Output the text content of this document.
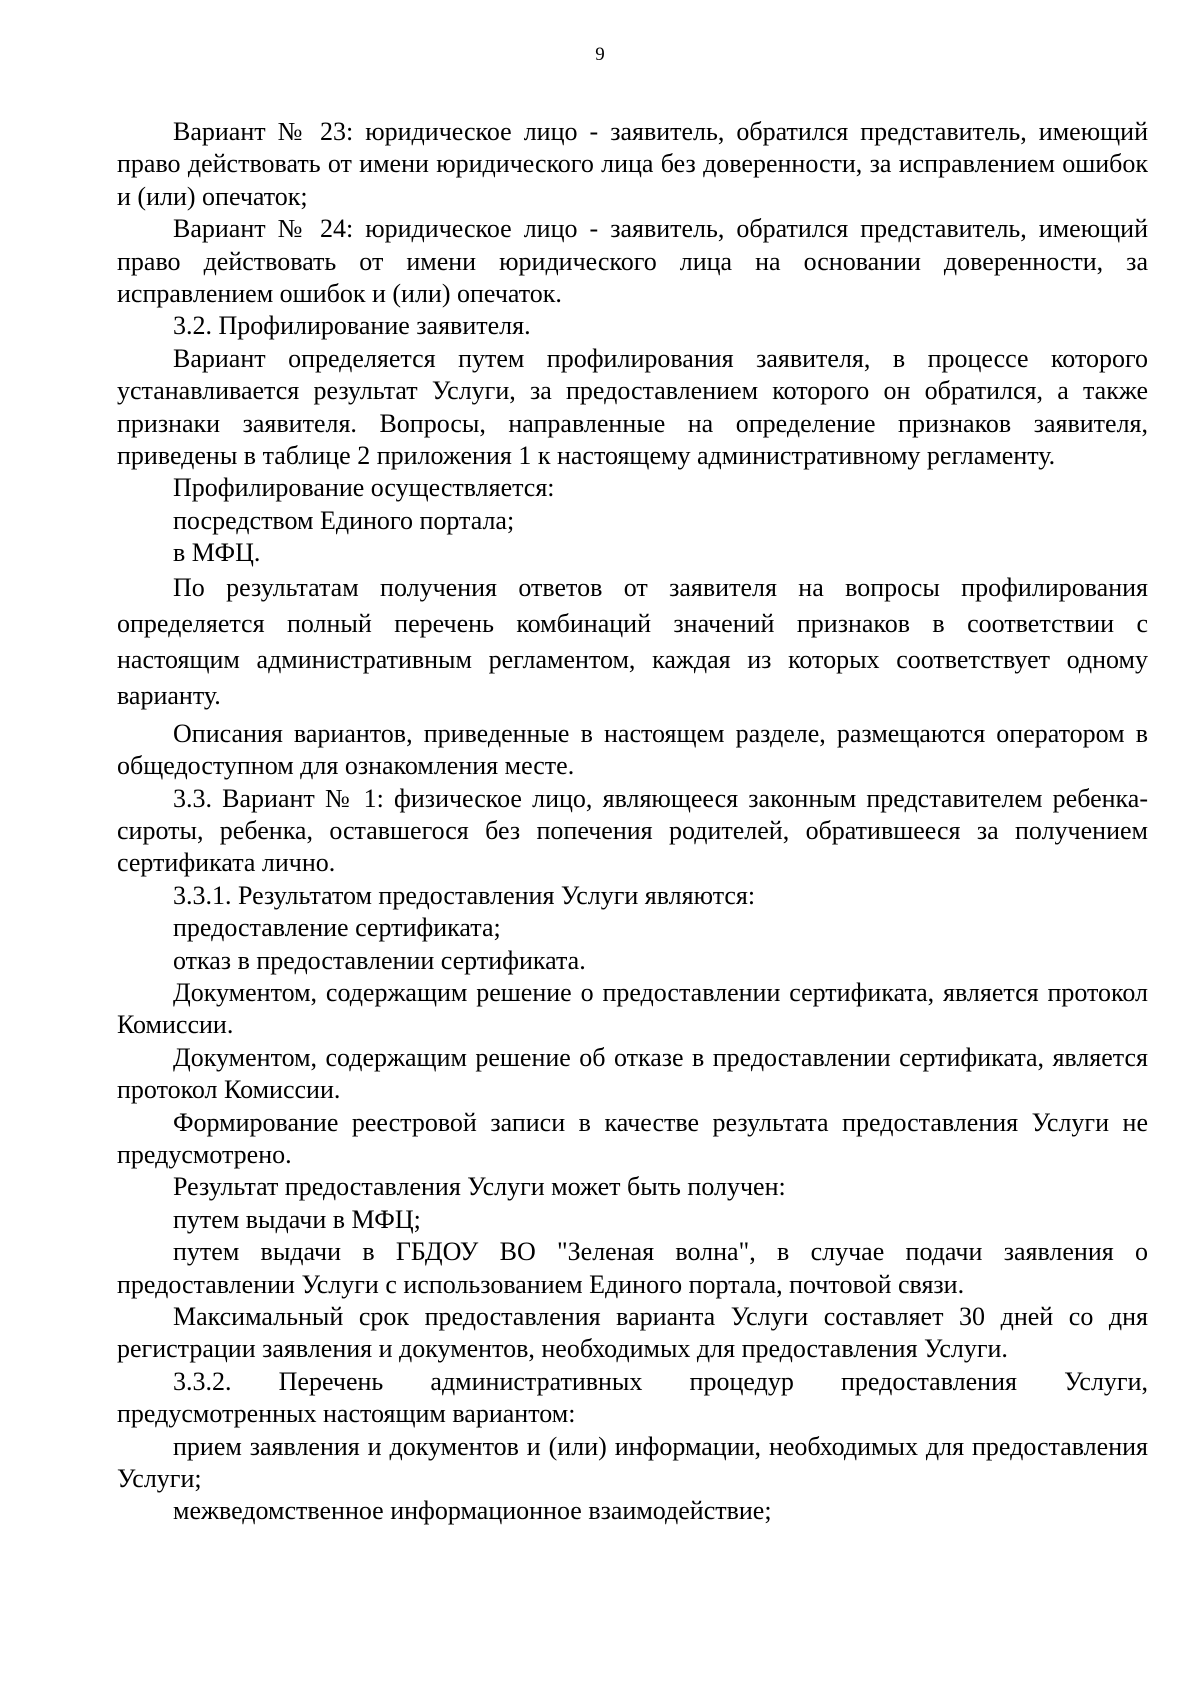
9

Вариант № 23: юридическое лицо - заявитель, обратился представитель, имеющий право действовать от имени юридического лица без доверенности, за исправлением ошибок и (или) опечаток;

Вариант № 24: юридическое лицо - заявитель, обратился представитель, имеющий право действовать от имени юридического лица на основании доверенности, за исправлением ошибок и (или) опечаток.

3.2. Профилирование заявителя.

Вариант определяется путем профилирования заявителя, в процессе которого устанавливается результат Услуги, за предоставлением которого он обратился, а также признаки заявителя. Вопросы, направленные на определение признаков заявителя, приведены в таблице 2 приложения 1 к настоящему административному регламенту.

Профилирование осуществляется:

посредством Единого портала;

в МФЦ.

По результатам получения ответов от заявителя на вопросы профилирования определяется полный перечень комбинаций значений признаков в соответствии с настоящим административным регламентом, каждая из которых соответствует одному варианту.

Описания вариантов, приведенные в настоящем разделе, размещаются оператором в общедоступном для ознакомления месте.

3.3. Вариант № 1: физическое лицо, являющееся законным представителем ребенка-сироты, ребенка, оставшегося без попечения родителей, обратившееся за получением сертификата лично.

3.3.1. Результатом предоставления Услуги являются:

предоставление сертификата;

отказ в предоставлении сертификата.

Документом, содержащим решение о предоставлении сертификата, является протокол Комиссии.

Документом, содержащим решение об отказе в предоставлении сертификата, является протокол Комиссии.

Формирование реестровой записи в качестве результата предоставления Услуги не предусмотрено.

Результат предоставления Услуги может быть получен:

путем выдачи в МФЦ;

путем выдачи в ГБДОУ ВО "Зеленая волна", в случае подачи заявления о предоставлении Услуги с использованием Единого портала, почтовой связи.

Максимальный срок предоставления варианта Услуги составляет 30 дней со дня регистрации заявления и документов, необходимых для предоставления Услуги.

3.3.2. Перечень административных процедур предоставления Услуги, предусмотренных настоящим вариантом:

прием заявления и документов и (или) информации, необходимых для предоставления Услуги;

межведомственное информационное взаимодействие;
